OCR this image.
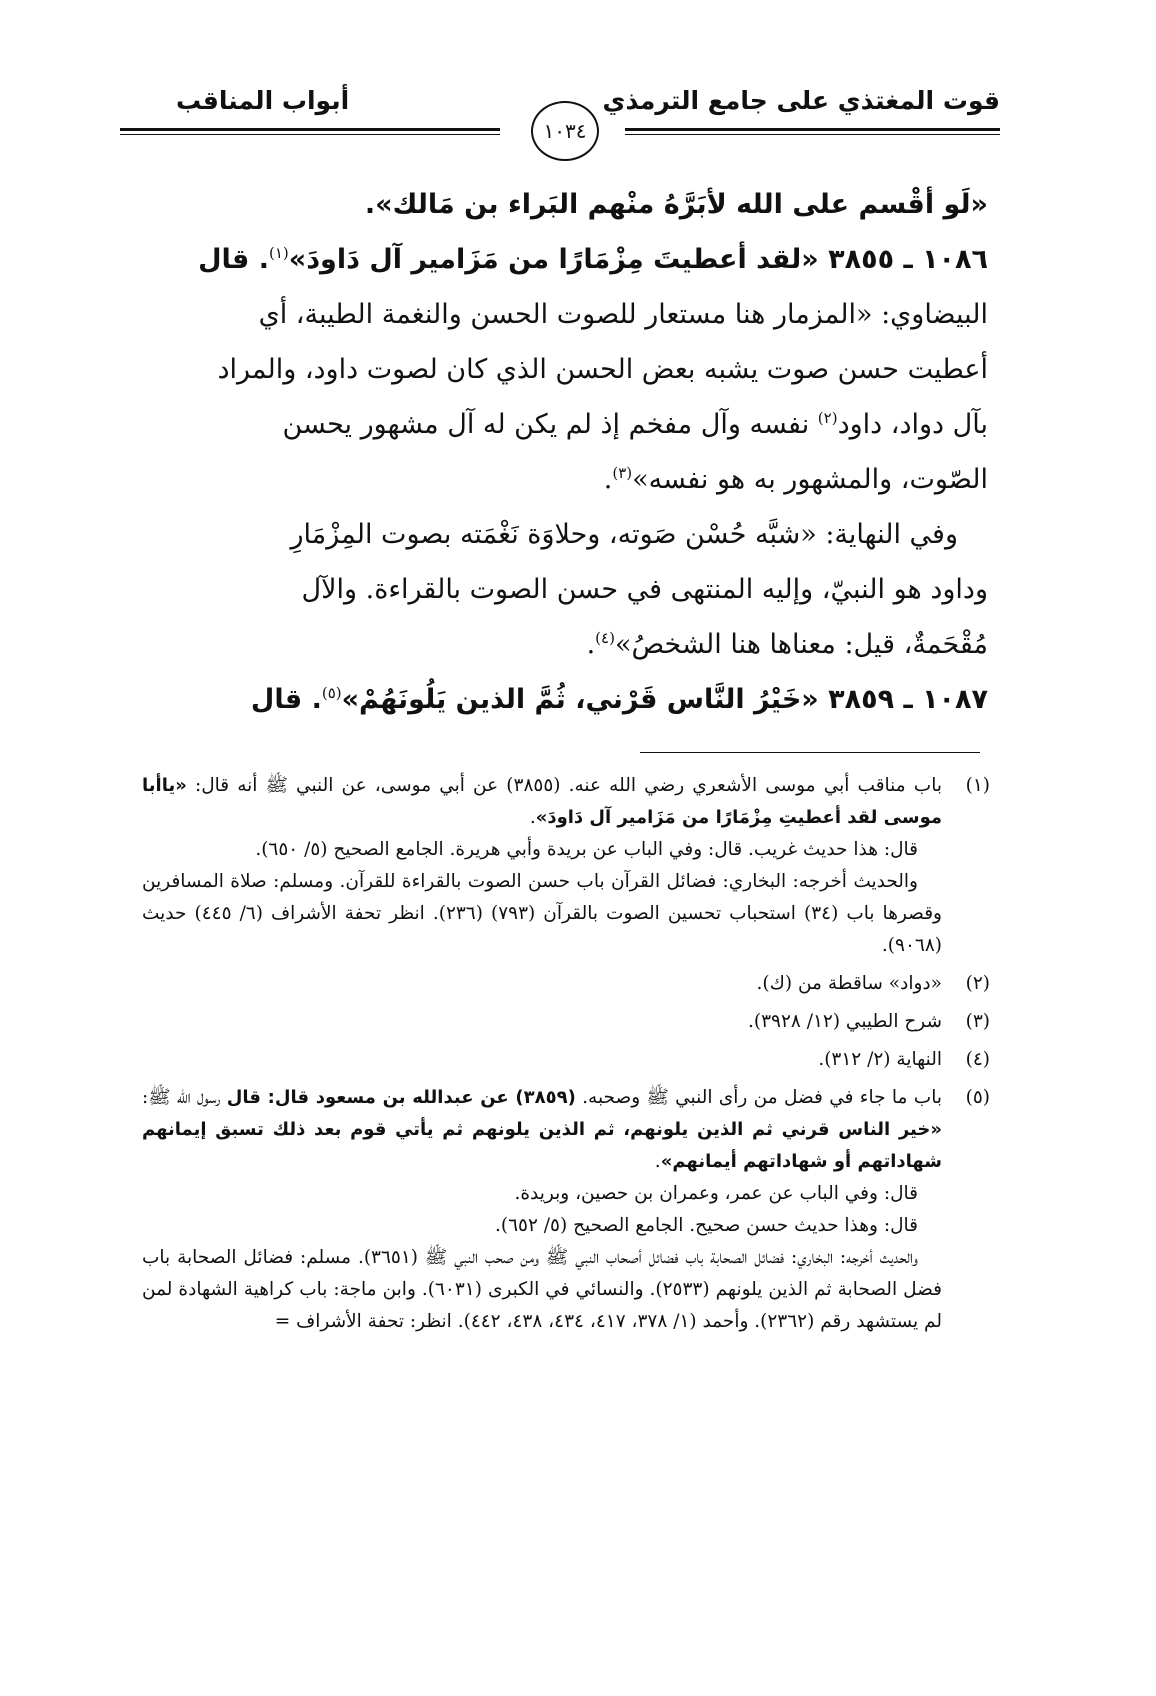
قوت المغتذي على جامع الترمذي
أبواب المناقب
١٠٣٤

«لَو أقْسم على الله لأبَرَّهُ منْهم البَراء بن مَالك».

١٠٨٦ ـ ٣٨٥٥ «لقد أعطيتَ مِزْمَارًا من مَزَامير آل دَاودَ»$^{(١)}$. قال

البيضاوي: «المزمار هنا مستعار للصوت الحسن والنغمة الطيبة، أي

أعطيت حسن صوت يشبه بعض الحسن الذي كان لصوت داود، والمراد

بآل دواد، داود$^{(٢)}$ نفسه وآل مفخم إذ لم يكن له آل مشهور يحسن

الصّوت، والمشهور به هو نفسه»$^{(٣)}$.

وفي النهاية: «شبَّه حُسْن صَوته، وحلاوَة نَغْمَته بصوت المِزْمَارِ

وداود هو النبيّ، وإليه المنتهى في حسن الصوت بالقراءة. والآل

مُقْحَمةٌ، قيل: معناها هنا الشخصُ»$^{(٤)}$.

١٠٨٧ ـ ٣٨٥٩ «خَيْرُ النَّاس قَرْني، ثُمَّ الذين يَلُونَهُمْ»$^{(٥)}$. قال

(١)

باب مناقب أبي موسى الأشعري رضي الله عنه. (٣٨٥٥) عن أبي موسى، عن النبي ﷺ أنه قال: «ياأبا موسى لقد أعطيتِ مِزْمَارًا من مَزَامير آل دَاودَ».

قال: هذا حديث غريب. قال: وفي الباب عن بريدة وأبي هريرة. الجامع الصحيح (٥/ ٦٥٠).

والحديث أخرجه: البخاري: فضائل القرآن باب حسن الصوت بالقراءة للقرآن. ومسلم: صلاة المسافرين وقصرها باب (٣٤) استحباب تحسين الصوت بالقرآن (٧٩٣) (٢٣٦). انظر تحفة الأشراف (٦/ ٤٤٥) حديث (٩٠٦٨).

(٢)
«دواد» ساقطة من (ك).
(٣)
شرح الطيبي (١٢/ ٣٩٢٨).
(٤)
النهاية (٢/ ٣١٢).
(٥)

باب ما جاء في فضل من رأى النبي ﷺ وصحبه. (٣٨٥٩) عن عبدالله بن مسعود قال: قال رسول الله ﷺ: «خير الناس قرني ثم الذين يلونهم، ثم الذين يلونهم ثم يأتي قوم بعد ذلك تسبق إيمانهم شهاداتهم أو شهاداتهم أيمانهم».

قال: وفي الباب عن عمر، وعمران بن حصين، وبريدة.

قال: وهذا حديث حسن صحيح. الجامع الصحيح (٥/ ٦٥٢).

والحديث أخرجه: البخاري: فضائل الصحابة باب فضائل أصحاب النبي ﷺ ومن صحب النبي ﷺ (٣٦٥١). مسلم: فضائل الصحابة باب فضل الصحابة ثم الذين يلونهم (٢٥٣٣). والنسائي في الكبرى (٦٠٣١). وابن ماجة: باب كراهية الشهادة لمن لم يستشهد رقم (٢٣٦٢). وأحمد (١/ ٣٧٨، ٤١٧، ٤٣٤، ٤٣٨، ٤٤٢). انظر: تحفة الأشراف =
